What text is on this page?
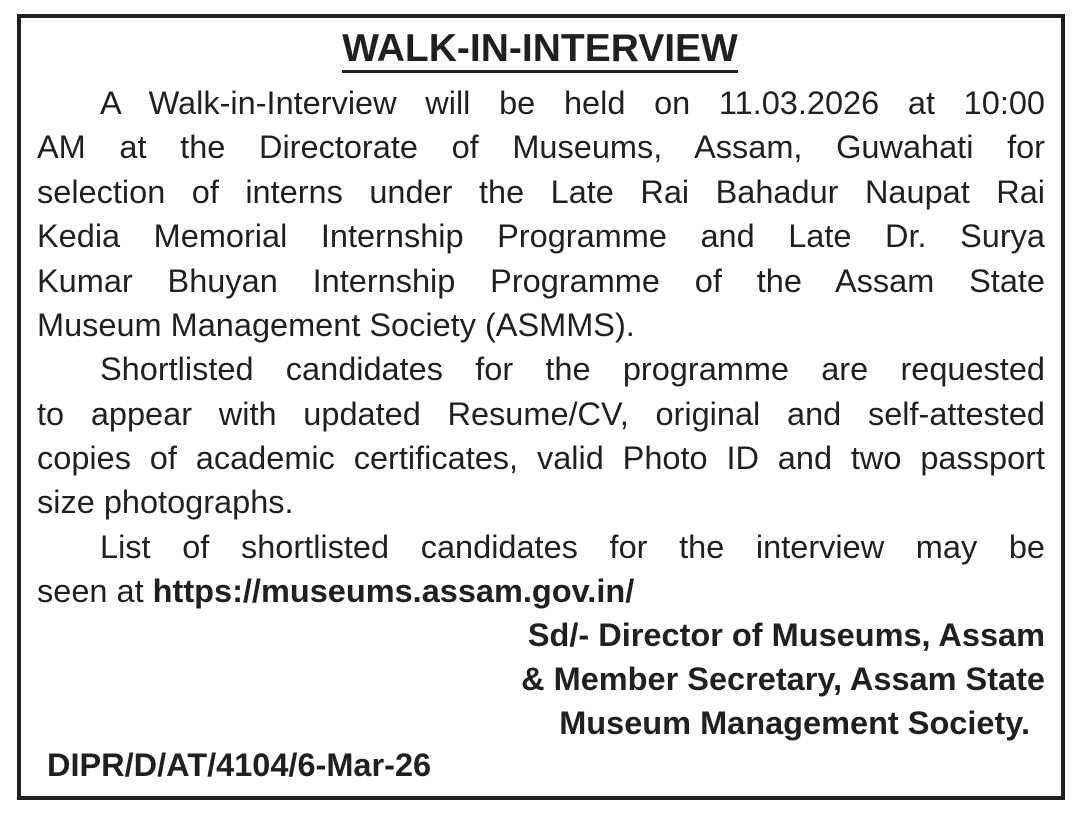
WALK-IN-INTERVIEW
A Walk-in-Interview will be held on 11.03.2026 at 10:00
AM at the Directorate of Museums, Assam, Guwahati for
selection of interns under the Late Rai Bahadur Naupat Rai
Kedia Memorial Internship Programme and Late Dr. Surya
Kumar Bhuyan Internship Programme of the Assam State
Museum Management Society (ASMMS).
Shortlisted candidates for the programme are requested
to appear with updated Resume/CV, original and self-attested
copies of academic certificates, valid Photo ID and two passport
size photographs.
List of shortlisted candidates for the interview may be
seen at https://museums.assam.gov.in/
Sd/- Director of Museums, Assam
& Member Secretary, Assam State
Museum Management Society.
DIPR/D/AT/4104/6-Mar-26
